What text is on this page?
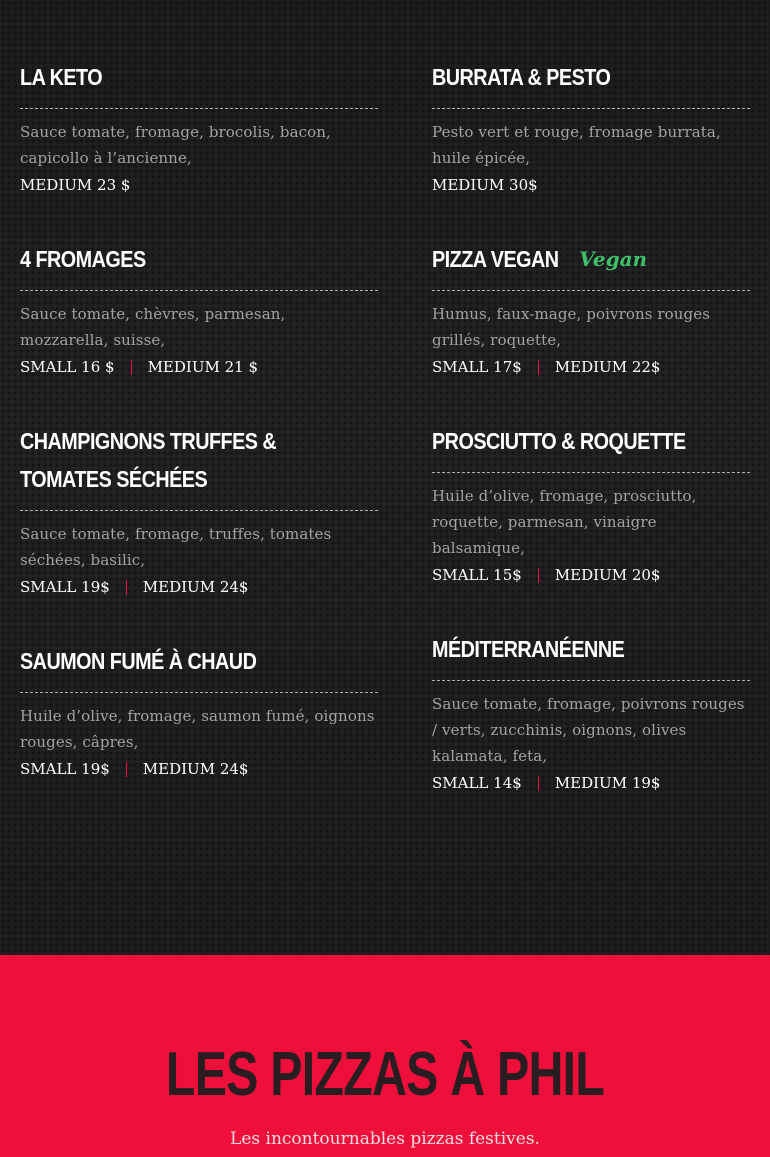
LA KETO

Sauce tomate, fromage, brocolis, bacon, capicollo à l’ancienne,

MEDIUM 23 $
4 FROMAGES

Sauce tomate, chèvres, parmesan, mozzarella, suisse,

SMALL 16 $ MEDIUM 21 $
CHAMPIGNONS TRUFFES & TOMATES SÉCHÉES

Sauce tomate, fromage, truffes, tomates séchées, basilic,

SMALL 19$ MEDIUM 24$
SAUMON FUMÉ À CHAUD

Huile d’olive, fromage, saumon fumé, oignons rouges, câpres,

SMALL 19$ MEDIUM 24$
BURRATA & PESTO

Pesto vert et rouge, fromage burrata, huile épicée,

MEDIUM 30$
PIZZA VEGAN Vegan

Humus, faux-mage, poivrons rouges grillés, roquette,

SMALL 17$ MEDIUM 22$
PROSCIUTTO & ROQUETTE

Huile d’olive, fromage, prosciutto, roquette, parmesan, vinaigre balsamique,

SMALL 15$ MEDIUM 20$
MÉDITERRANÉENNE

Sauce tomate, fromage, poivrons rouges / verts, zucchinis, oignons, olives kalamata, feta,

SMALL 14$ MEDIUM 19$
LES PIZZAS À PHIL

Les incontournables pizzas festives.
